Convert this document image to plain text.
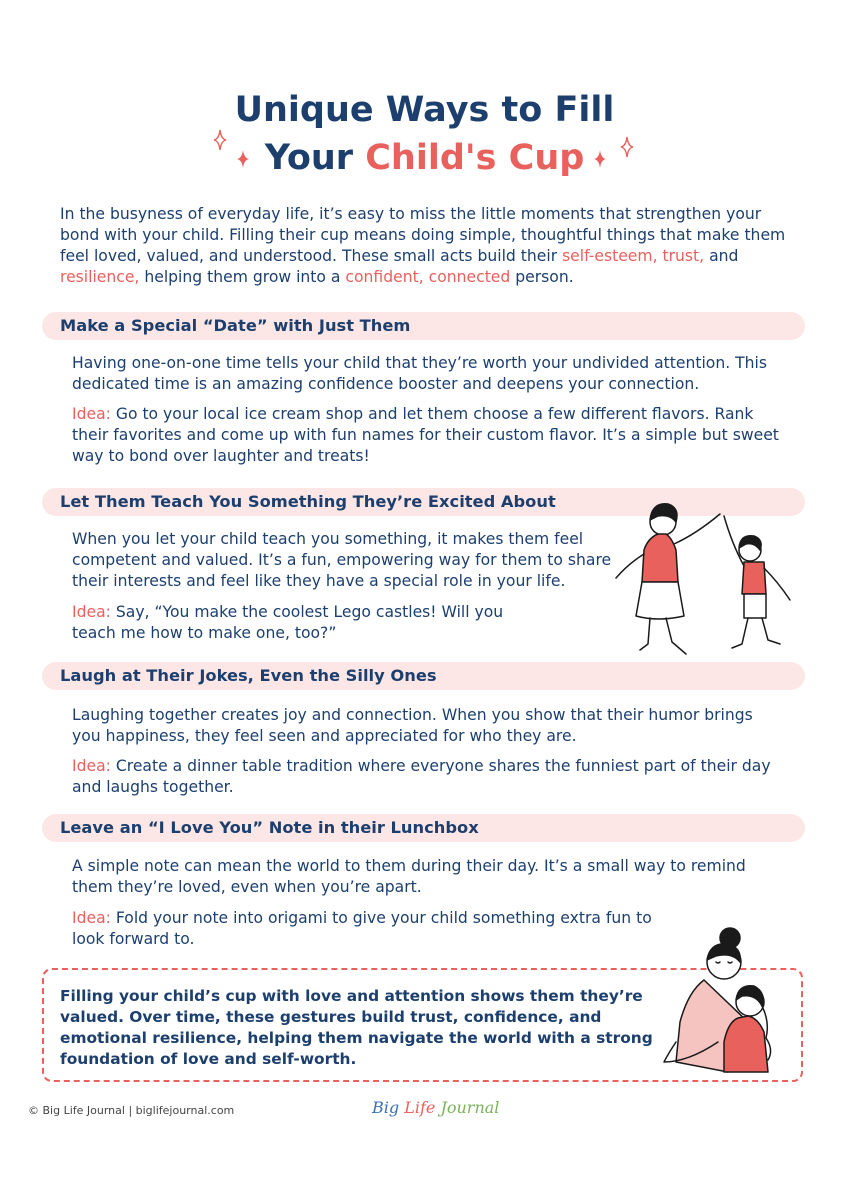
Unique Ways to Fill
Your Child's Cup

In the busyness of everyday life, it’s easy to miss the little moments that strengthen your bond with your child. Filling their cup means doing simple, thoughtful things that make them feel loved, valued, and understood. These small acts build their self-esteem, trust, and resilience, helping them grow into a confident, connected person.

Make a Special “Date” with Just Them

Having one-on-one time tells your child that they’re worth your undivided attention. This dedicated time is an amazing confidence booster and deepens your connection.

Idea: Go to your local ice cream shop and let them choose a few different flavors. Rank their favorites and come up with fun names for their custom flavor. It’s a simple but sweet way to bond over laughter and treats!

Let Them Teach You Something They’re Excited About

When you let your child teach you something, it makes them feel competent and valued. It’s a fun, empowering way for them to share their interests and feel like they have a special role in your life.

Idea: Say, “You make the coolest Lego castles! Will you teach me how to make one, too?”

Laugh at Their Jokes, Even the Silly Ones

Laughing together creates joy and connection. When you show that their humor brings you happiness, they feel seen and appreciated for who they are.

Idea: Create a dinner table tradition where everyone shares the funniest part of their day and laughs together.

Leave an “I Love You” Note in their Lunchbox

A simple note can mean the world to them during their day. It’s a small way to remind them they’re loved, even when you’re apart.

Idea: Fold your note into origami to give your child something extra fun to look forward to.

Filling your child’s cup with love and attention shows them they’re valued. Over time, these gestures build trust, confidence, and emotional resilience, helping them navigate the world with a strong foundation of love and self-worth.

© Big Life Journal | biglifejournal.com	Big Life Journal
